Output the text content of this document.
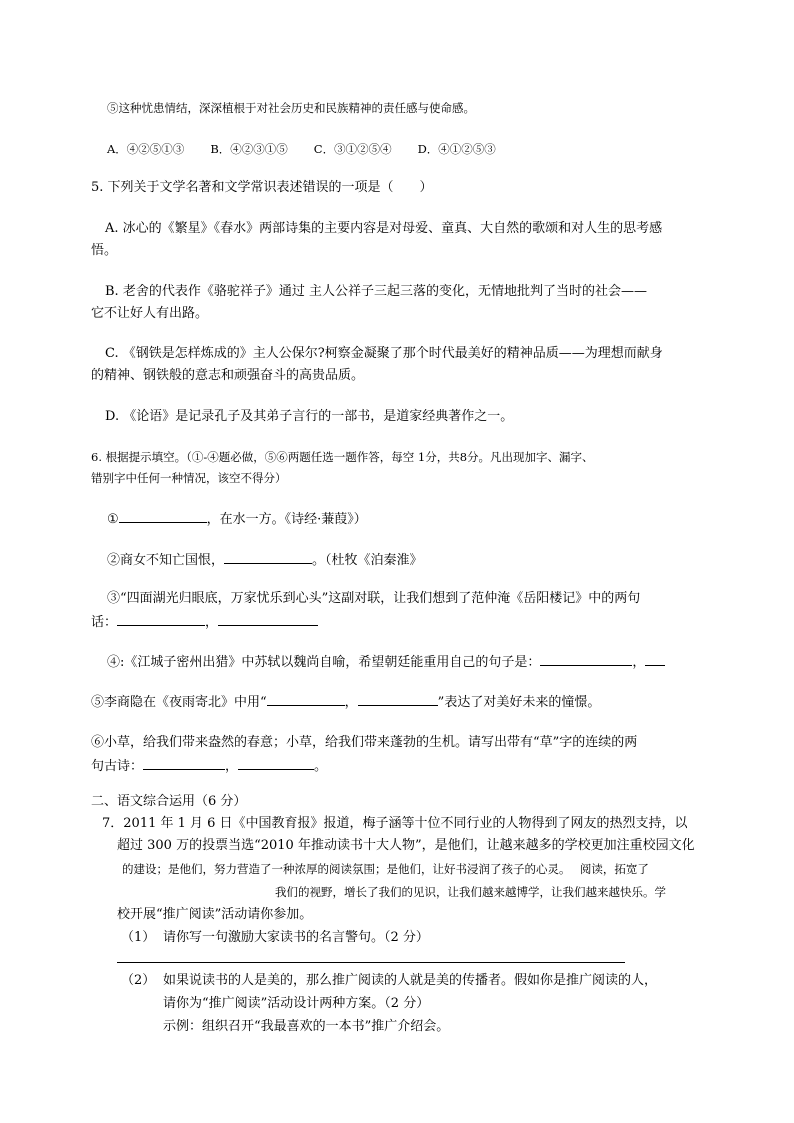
⑤这种忧患情结，深深植根于对社会历史和民族精神的责任感与使命感。
A．④②⑤①③ B．④②③①⑤ C．③①②⑤④ D．④①②⑤③
5. 下列关于文学名著和文学常识表述错误的一项是（　　）
A. 冰心的《繁星》《春水》两部诗集的主要内容是对母爱、童真、大自然的歌颂和对人生的思考感
悟。
B. 老舍的代表作《骆驼祥子》通过 主人公祥子三起三落的变化，无情地批判了当时的社会——
它不让好人有出路。
C. 《钢铁是怎样炼成的》主人公保尔?柯察金凝聚了那个时代最美好的精神品质——为理想而献身
的精神、钢铁般的意志和顽强奋斗的高贵品质。
D. 《论语》是记录孔子及其弟子言行的一部书，是道家经典著作之一。
6. 根据提示填空。（①-④题必做，⑤⑥两题任选一题作答，每空 1分，共8分。凡出现加字、漏字、
错别字中任何一种情况，该空不得分）
①	，在水一方。《诗经·蒹葭》）
②商女不知亡国恨，	。（杜牧《泊秦淮》
③“四面湖光归眼底，万家忧乐到心头”这副对联，让我们想到了范仲淹《岳阳楼记》中的两句
话：	，
④:《江城子密州出猎》中苏轼以魏尚自喻，希望朝廷能重用自己的句子是：	，
⑤李商隐在《夜雨寄北》中用“	，	”表达了对美好未来的憧憬。
⑥小草，给我们带来盎然的春意；小草，给我们带来蓬勃的生机。请写出带有“草”字的连续的两
句古诗：	，	。
二、语文综合运用（6 分）
7．2011 年 1 月 6 日《中国教育报》报道，梅子涵等十位不同行业的人物得到了网友的热烈支持，以
超过 300 万的投票当选“2010 年推动读书十大人物”，是他们，让越来越多的学校更加注重校园文化
的建设；是他们，努力营造了一种浓厚的阅读氛围；是他们，让好书浸润了孩子的心灵。　 阅读，拓宽了
我们的视野，增长了我们的见识，让我们越来越博学，让我们越来越快乐。学
校开展“推广阅读”活动请你参加。
（1） 请你写一句激励大家读书的名言警句。（2 分）
（2） 如果说读书的人是美的，那么推广阅读的人就是美的传播者。假如你是推广阅读的人，
请你为“推广阅读”活动设计两种方案。（2 分）
示例：组织召开“我最喜欢的一本书”推广介绍会。
